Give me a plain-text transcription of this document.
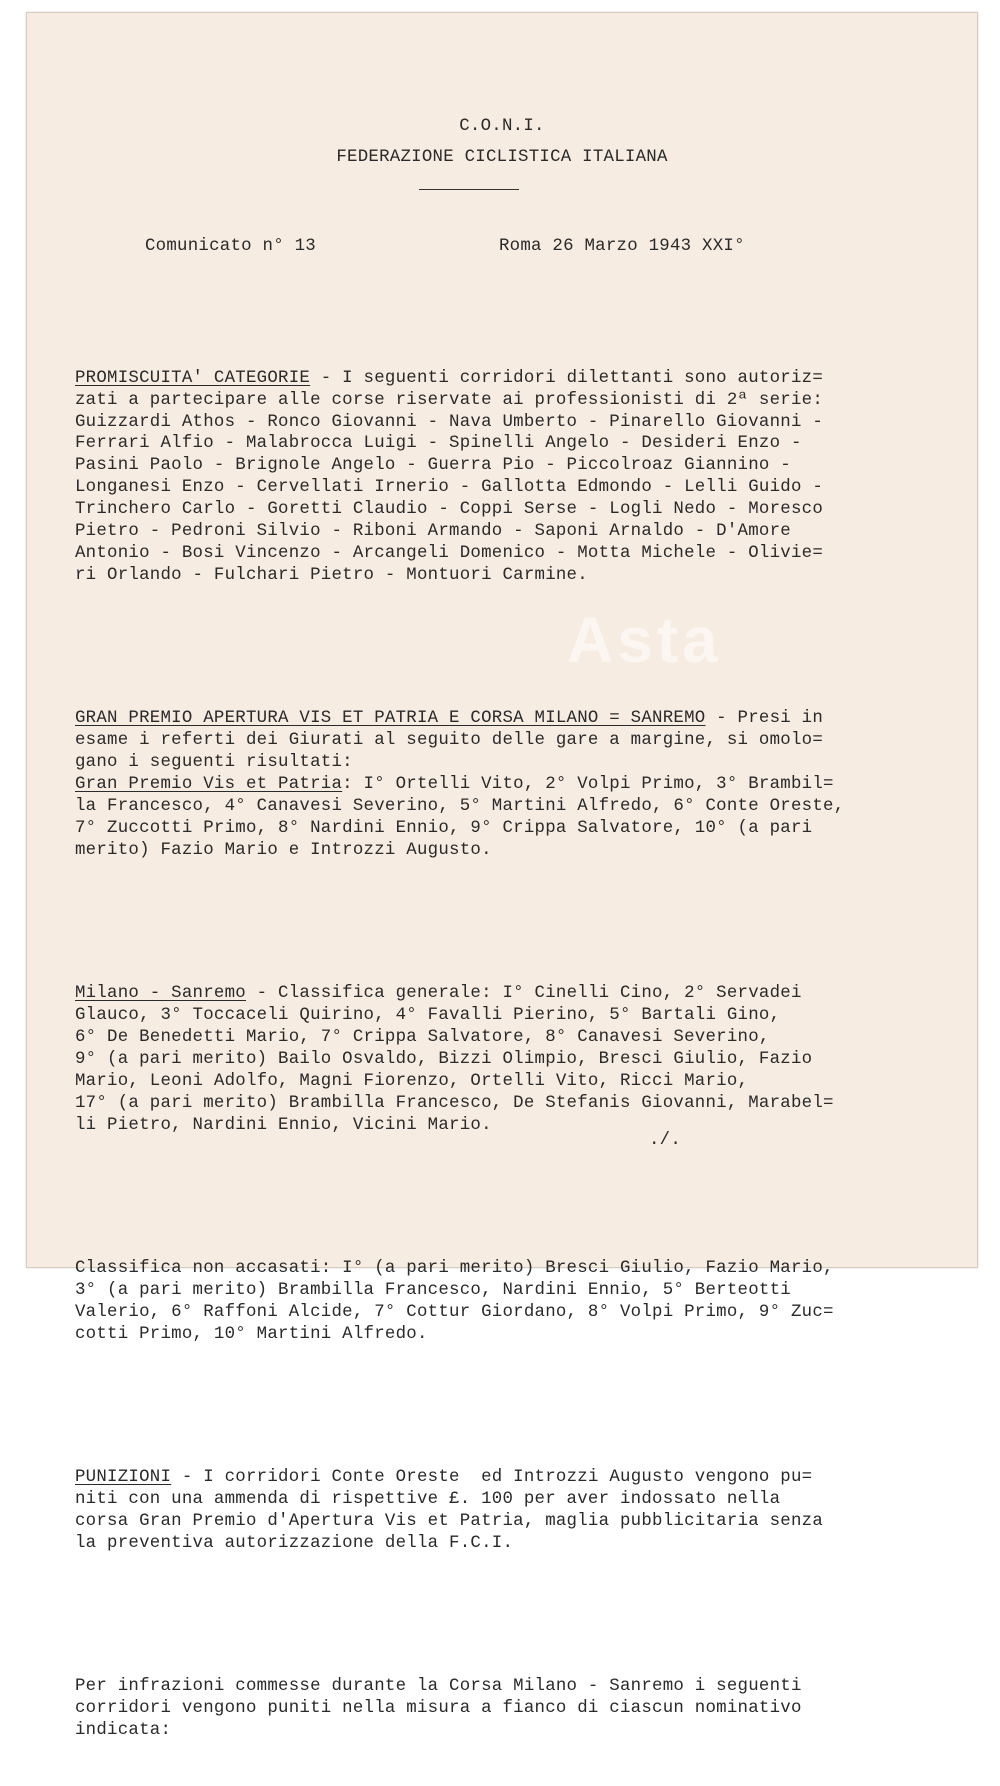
C.O.N.I.
FEDERAZIONE CICLISTICA ITALIANA
Comunicato n° 13	Roma 26 Marzo 1943 XXI°
Asta

PROMISCUITA' CATEGORIE - I seguenti corridori dilettanti sono autoriz=
zati a partecipare alle corse riservate ai professionisti di 2ª serie:
Guizzardi Athos - Ronco Giovanni - Nava Umberto - Pinarello Giovanni -
Ferrari Alfio - Malabrocca Luigi - Spinelli Angelo - Desideri Enzo -
Pasini Paolo - Brignole Angelo - Guerra Pio - Piccolroaz Giannino -
Longanesi Enzo - Cervellati Irnerio - Gallotta Edmondo - Lelli Guido -
Trinchero Carlo - Goretti Claudio - Coppi Serse - Logli Nedo - Moresco
Pietro - Pedroni Silvio - Riboni Armando - Saponi Arnaldo - D'Amore
Antonio - Bosi Vincenzo - Arcangeli Domenico - Motta Michele - Olivie=
ri Orlando - Fulchari Pietro - Montuori Carmine.

GRAN PREMIO APERTURA VIS ET PATRIA E CORSA MILANO = SANREMO - Presi in
esame i referti dei Giurati al seguito delle gare a margine, si omolo=
gano i seguenti risultati:
Gran Premio Vis et Patria: I° Ortelli Vito, 2° Volpi Primo, 3° Brambil=
la Francesco, 4° Canavesi Severino, 5° Martini Alfredo, 6° Conte Oreste,
7° Zuccotti Primo, 8° Nardini Ennio, 9° Crippa Salvatore, 10° (a pari
merito) Fazio Mario e Introzzi Augusto.

Milano - Sanremo - Classifica generale: I° Cinelli Cino, 2° Servadei
Glauco, 3° Toccaceli Quirino, 4° Favalli Pierino, 5° Bartali Gino,
6° De Benedetti Mario, 7° Crippa Salvatore, 8° Canavesi Severino,
9° (a pari merito) Bailo Osvaldo, Bizzi Olimpio, Bresci Giulio, Fazio
Mario, Leoni Adolfo, Magni Fiorenzo, Ortelli Vito, Ricci Mario,
17° (a pari merito) Brambilla Francesco, De Stefanis Giovanni, Marabel=
li Pietro, Nardini Ennio, Vicini Mario.

Classifica non accasati: I° (a pari merito) Bresci Giulio, Fazio Mario,
3° (a pari merito) Brambilla Francesco, Nardini Ennio, 5° Berteotti
Valerio, 6° Raffoni Alcide, 7° Cottur Giordano, 8° Volpi Primo, 9° Zuc=
cotti Primo, 10° Martini Alfredo.

PUNIZIONI - I corridori Conte Oreste  ed Introzzi Augusto vengono pu=
niti con una ammenda di rispettive £. 100 per aver indossato nella
corsa Gran Premio d'Apertura Vis et Patria, maglia pubblicitaria senza
la preventiva autorizzazione della F.C.I.

Per infrazioni commesse durante la Corsa Milano - Sanremo i seguenti
corridori vengono puniti nella misura a fianco di ciascun nominativo
indicata:

./.
